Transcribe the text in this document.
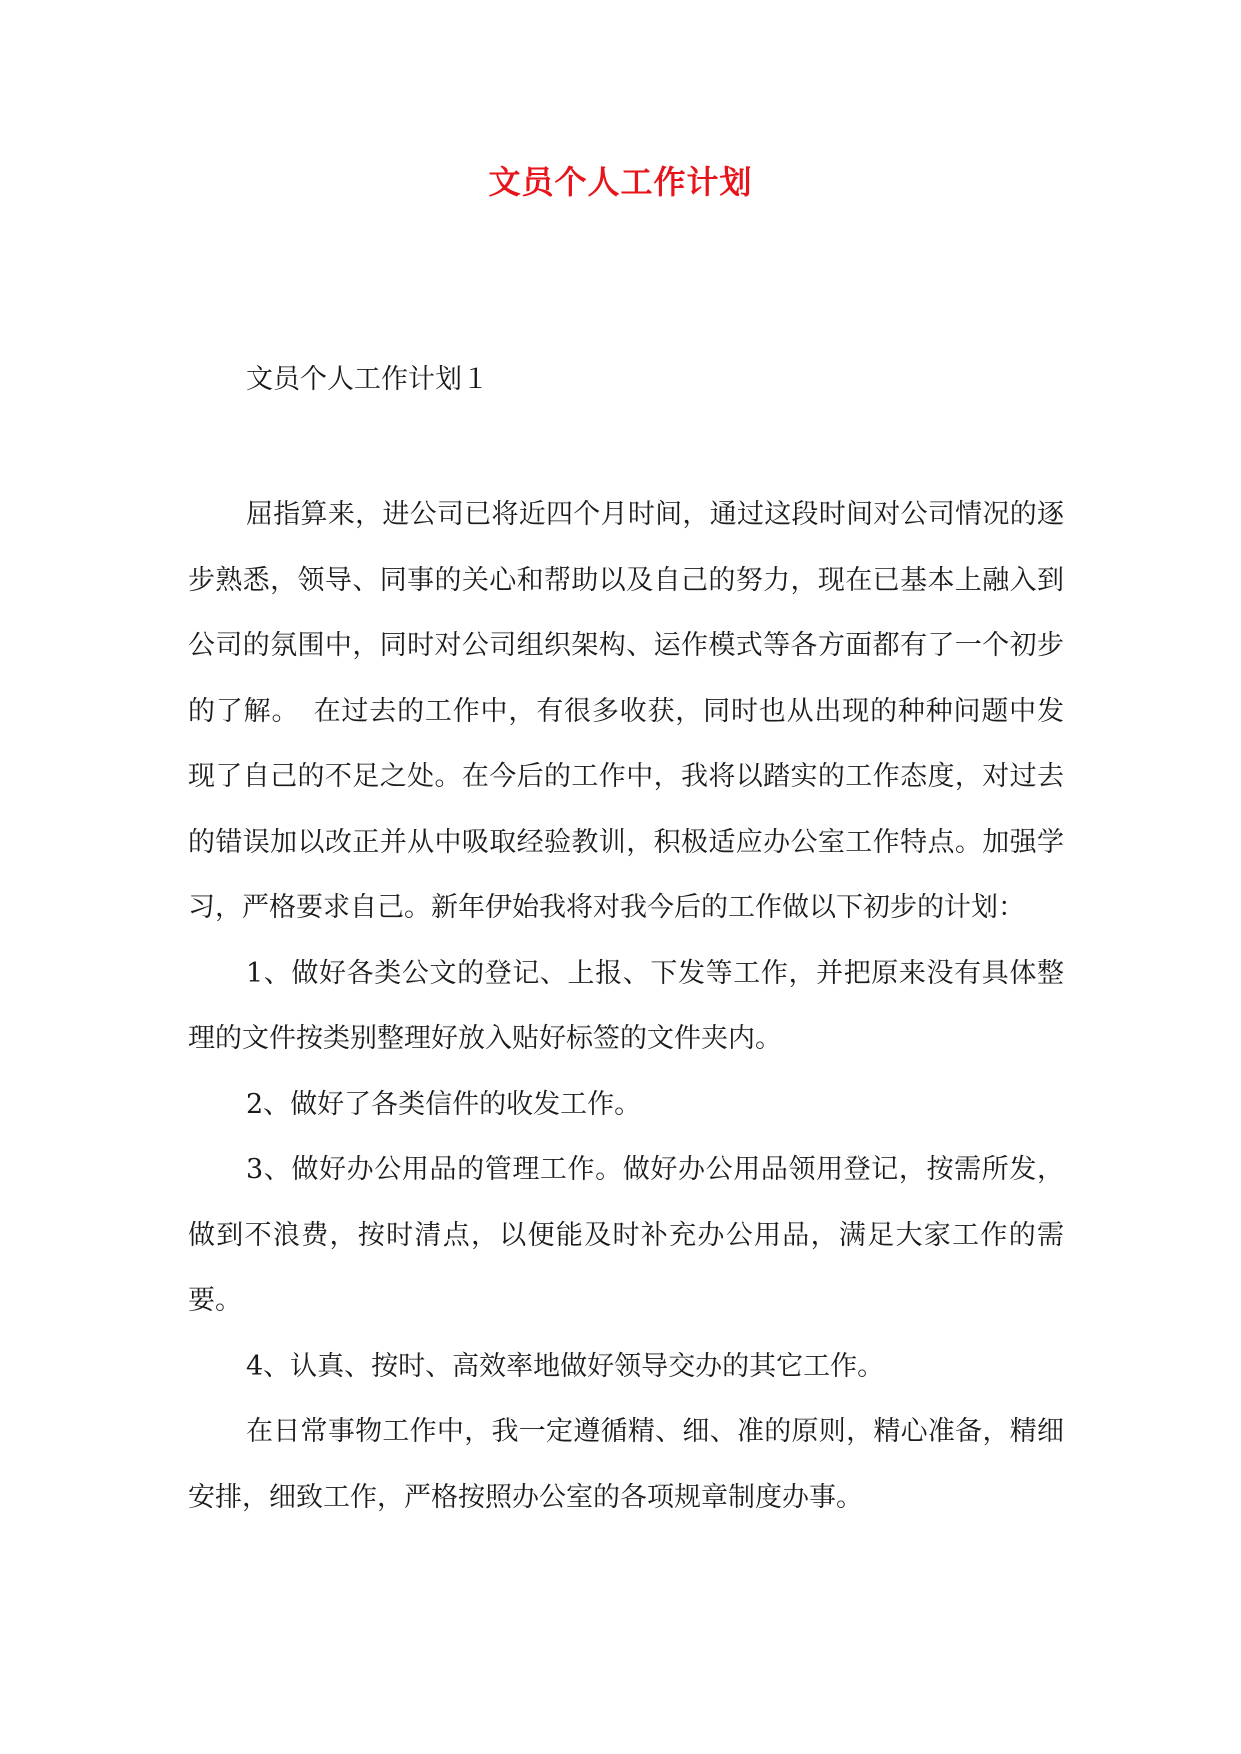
文员个人工作计划
文员个人工作计划１

屈指算来，进公司已将近四个月时间，通过这段时间对公司情况的逐步熟悉，领导、同事的关心和帮助以及自己的努力，现在已基本上融入到公司的氛围中，同时对公司组织架构、运作模式等各方面都有了一个初步的了解。　在过去的工作中，有很多收获，同时也从出现的种种问题中发现了自己的不足之处。在今后的工作中，我将以踏实的工作态度，对过去的错误加以改正并从中吸取经验教训，积极适应办公室工作特点。加强学习，严格要求自己。新年伊始我将对我今后的工作做以下初步的计划：

1、做好各类公文的登记、上报、下发等工作，并把原来没有具体整理的文件按类别整理好放入贴好标签的文件夹内。

2、做好了各类信件的收发工作。

3、做好办公用品的管理工作。做好办公用品领用登记，按需所发，做到不浪费，按时清点，以便能及时补充办公用品，满足大家工作的需要。

4、认真、按时、高效率地做好领导交办的其它工作。

在日常事物工作中，我一定遵循精、细、准的原则，精心准备，精细安排，细致工作，严格按照办公室的各项规章制度办事。
